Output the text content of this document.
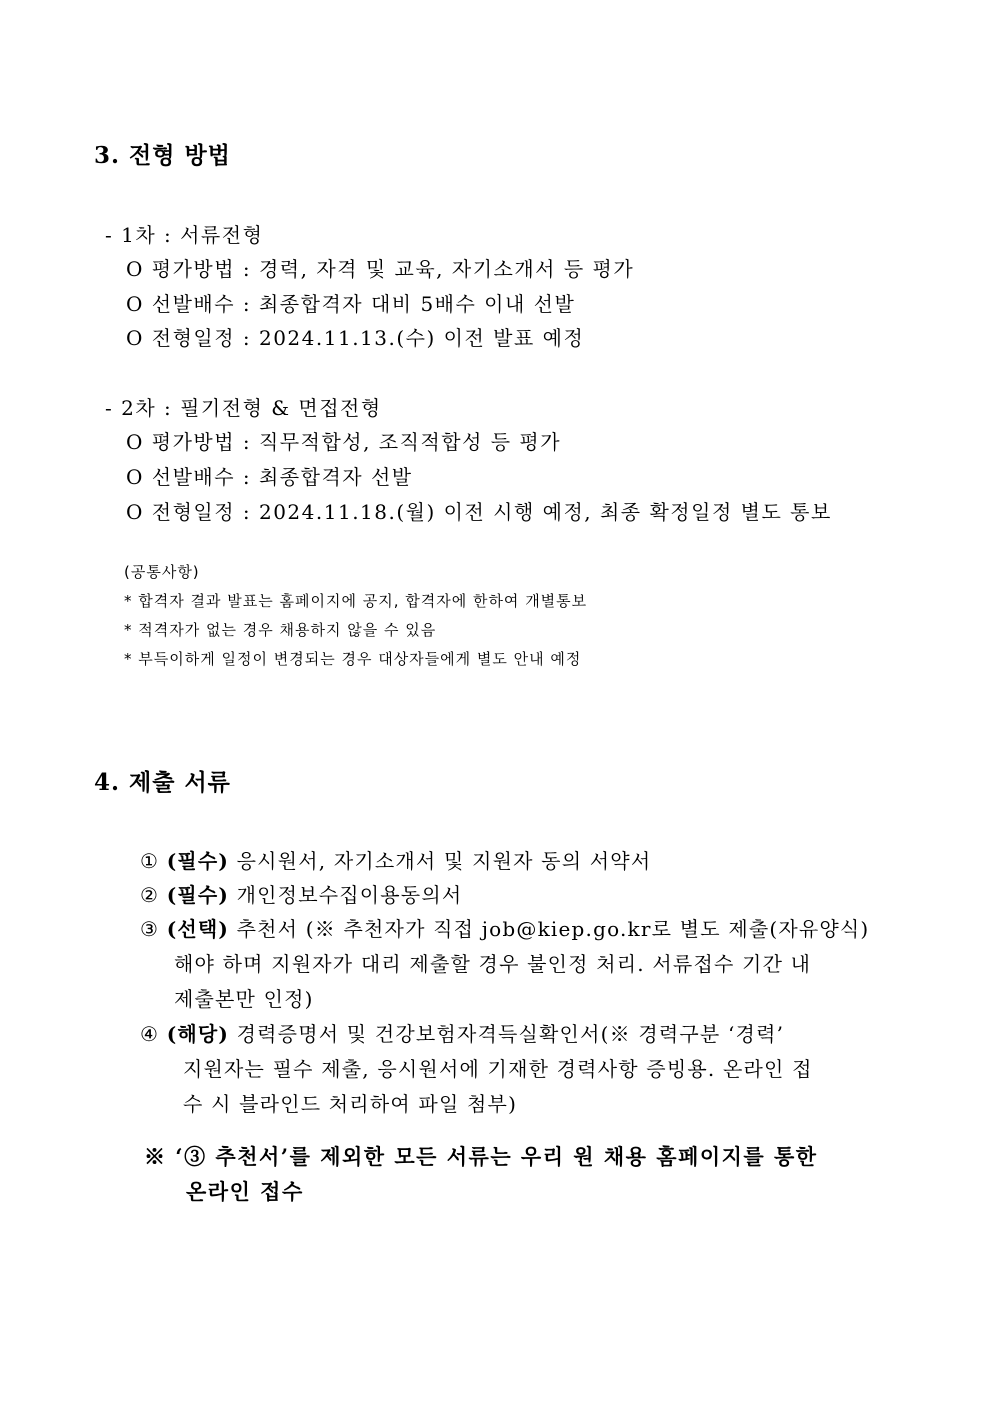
3. 전형 방법
- 1차 : 서류전형
O 평가방법 : 경력, 자격 및 교육, 자기소개서 등 평가
O 선발배수 : 최종합격자 대비 5배수 이내 선발
O 전형일정 : 2024.11.13.(수) 이전 발표 예정
- 2차 : 필기전형 & 면접전형
O 평가방법 : 직무적합성, 조직적합성 등 평가
O 선발배수 : 최종합격자 선발
O 전형일정 : 2024.11.18.(월) 이전 시행 예정, 최종 확정일정 별도 통보
(공통사항)
* 합격자 결과 발표는 홈페이지에 공지, 합격자에 한하여 개별통보
* 적격자가 없는 경우 채용하지 않을 수 있음
* 부득이하게 일정이 변경되는 경우 대상자들에게 별도 안내 예정
4. 제출 서류
① (필수) 응시원서, 자기소개서 및 지원자 동의 서약서
② (필수) 개인정보수집이용동의서
③ (선택) 추천서 (※ 추천자가 직접 job@kiep.go.kr로 별도 제출(자유양식)
해야 하며 지원자가 대리 제출할 경우 불인정 처리. 서류접수 기간 내
제출본만 인정)
④ (해당) 경력증명서 및 건강보험자격득실확인서(※ 경력구분 ‘경력’
지원자는 필수 제출, 응시원서에 기재한 경력사항 증빙용. 온라인 접
수 시 블라인드 처리하여 파일 첨부)
※ ‘③ 추천서’를 제외한 모든 서류는 우리 원 채용 홈페이지를 통한
온라인 접수
